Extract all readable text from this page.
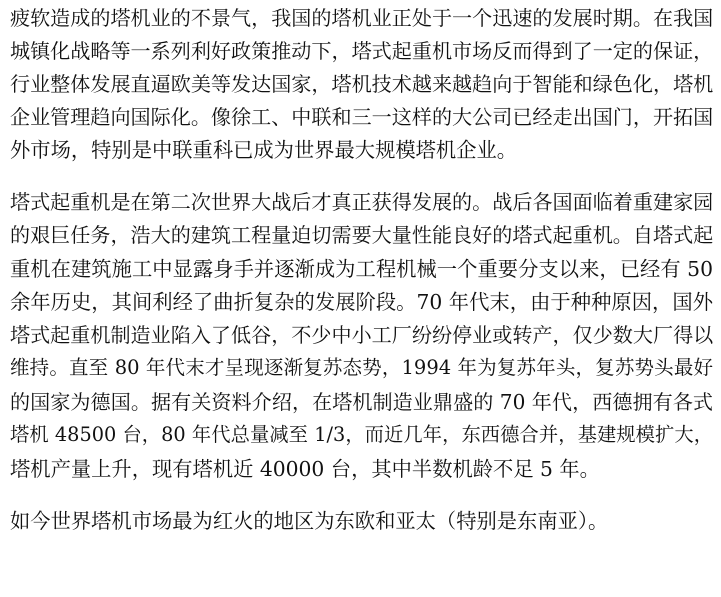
疲软造成的塔机业的不景气，我国的塔机业正处于一个迅速的发展时期。在我国
城镇化战略等一系列利好政策推动下，塔式起重机市场反而得到了一定的保证，
行业整体发展直逼欧美等发达国家，塔机技术越来越趋向于智能和绿色化，塔机
企业管理趋向国际化。像徐工、中联和三一这样的大公司已经走出国门，开拓国
外市场，特别是中联重科已成为世界最大规模塔机企业。
塔式起重机是在第二次世界大战后才真正获得发展的。战后各国面临着重建家园
的艰巨任务，浩大的建筑工程量迫切需要大量性能良好的塔式起重机。自塔式起
重机在建筑施工中显露身手并逐渐成为工程机械一个重要分支以来，已经有 50
余年历史，其间利经了曲折复杂的发展阶段。70 年代末，由于种种原因，国外
塔式起重机制造业陷入了低谷，不少中小工厂纷纷停业或转产，仅少数大厂得以
维持。直至 80 年代末才呈现逐渐复苏态势，1994 年为复苏年头，复苏势头最好
的国家为德国。据有关资料介绍，在塔机制造业鼎盛的 70 年代，西德拥有各式
塔机 48500 台，80 年代总量减至 1/3，而近几年，东西德合并，基建规模扩大，
塔机产量上升，现有塔机近 40000 台，其中半数机龄不足 5 年。
如今世界塔机市场最为红火的地区为东欧和亚太（特别是东南亚）。
